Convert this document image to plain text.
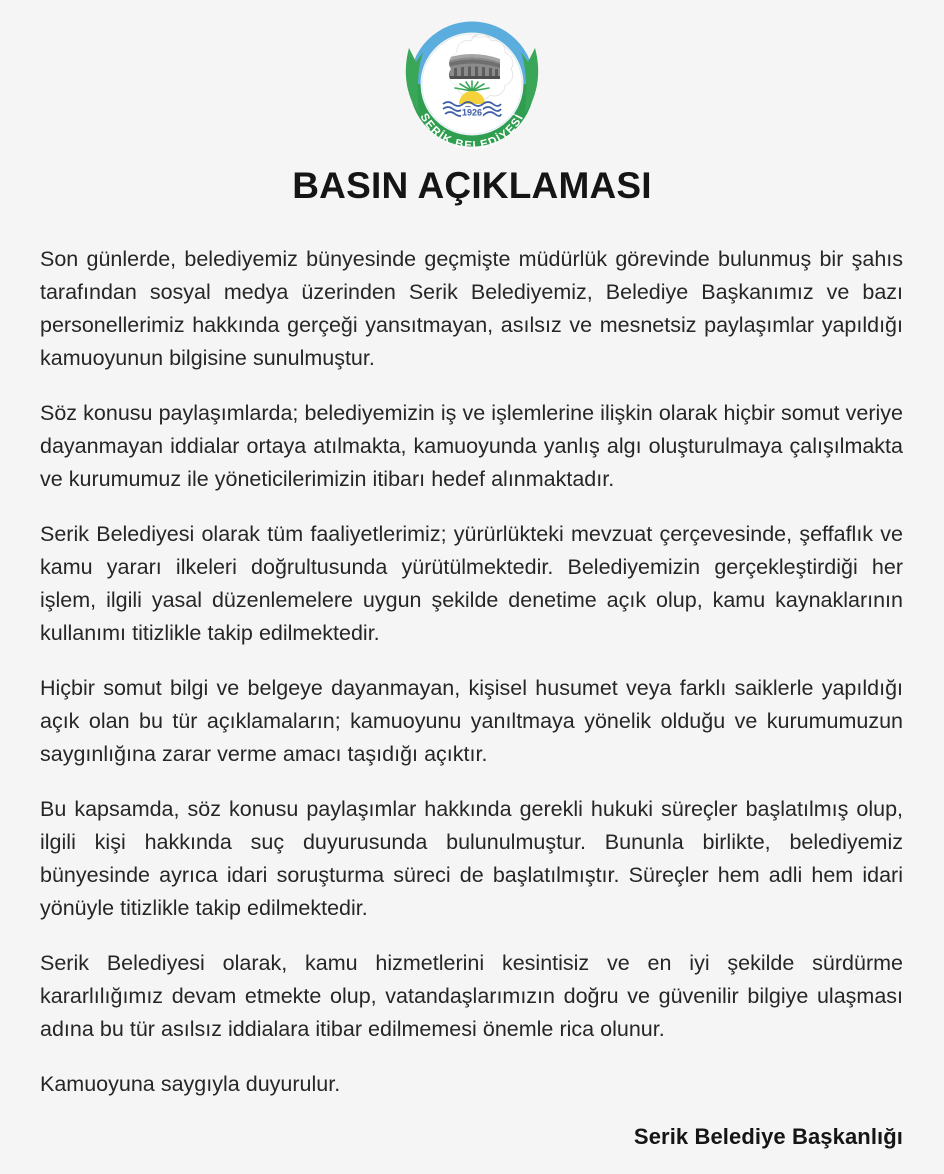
1926
SERİK BELEDİYESİ
BASIN AÇIKLAMASI

Son günlerde, belediyemiz bünyesinde geçmişte müdürlük görevinde bulunmuş bir şahıs tarafından sosyal medya üzerinden Serik Belediyemiz, Belediye Başkanımız ve bazı personellerimiz hakkında gerçeği yansıtmayan, asılsız ve mesnetsiz paylaşımlar yapıldığı kamuoyunun bilgisine sunulmuştur.

Söz konusu paylaşımlarda; belediyemizin iş ve işlemlerine ilişkin olarak hiçbir somut veriye dayanmayan iddialar ortaya atılmakta, kamuoyunda yanlış algı oluşturulmaya çalışılmakta ve kurumumuz ile yöneticilerimizin itibarı hedef alınmaktadır.

Serik Belediyesi olarak tüm faaliyetlerimiz; yürürlükteki mevzuat çerçevesinde, şeffaflık ve kamu yararı ilkeleri doğrultusunda yürütülmektedir. Belediyemizin gerçekleştirdiği her işlem, ilgili yasal düzenlemelere uygun şekilde denetime açık olup, kamu kaynaklarının kullanımı titizlikle takip edilmektedir.

Hiçbir somut bilgi ve belgeye dayanmayan, kişisel husumet veya farklı saiklerle yapıldığı açık olan bu tür açıklamaların; kamuoyunu yanıltmaya yönelik olduğu ve kurumumuzun saygınlığına zarar verme amacı taşıdığı açıktır.

Bu kapsamda, söz konusu paylaşımlar hakkında gerekli hukuki süreçler başlatılmış olup, ilgili kişi hakkında suç duyurusunda bulunulmuştur. Bununla birlikte, belediyemiz bünyesinde ayrıca idari soruşturma süreci de başlatılmıştır. Süreçler hem adli hem idari yönüyle titizlikle takip edilmektedir.

Serik Belediyesi olarak, kamu hizmetlerini kesintisiz ve en iyi şekilde sürdürme kararlılığımız devam etmekte olup, vatandaşlarımızın doğru ve güvenilir bilgiye ulaşması adına bu tür asılsız iddialara itibar edilmemesi önemle rica olunur.

Kamuoyuna saygıyla duyurulur.

Serik Belediye Başkanlığı
